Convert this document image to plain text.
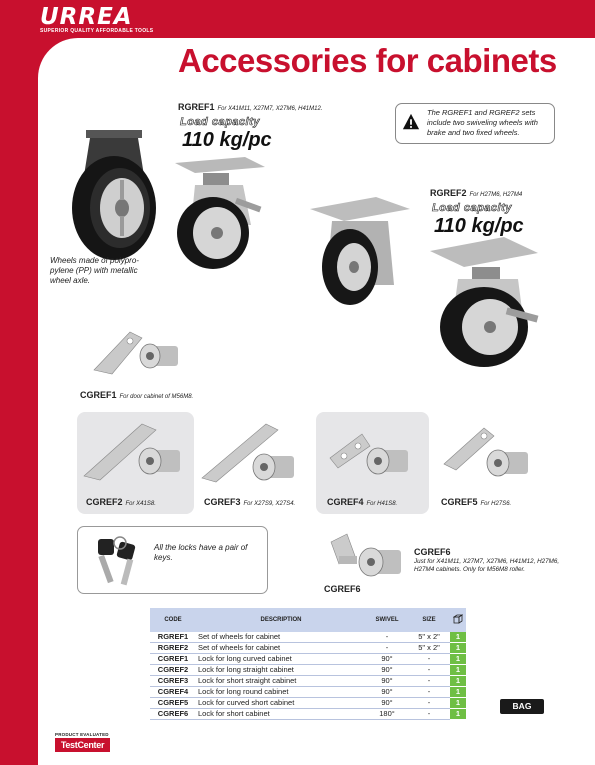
URREA
SUPERIOR QUALITY AFFORDABLE TOOLS
Accessories for cabinets
RGREF1 For X41M11, X27M7, X27M6, H41M12.
Load capacity
110 kg/pc
The RGREF1 and RGREF2 sets include two swiveling wheels with brake and two fixed wheels.
Wheels made of polypro-pylene (PP) with metallic wheel axle.
RGREF2 For H27M6, H27M4
Load capacity
110 kg/pc
CGREF1 For door cabinet of M56M8.
CGREF2 For X41S8.	CGREF3 For X27S9, X27S4.	CGREF4 For H41S8.	CGREF5 For H27S6.
All the locks have a pair of keys.
CGREF6
CGREF6
Just for X41M11, X27M7, X27M6, H41M12, H27M6, H27M4 cabinets. Only for M56M8 roller.
CODE	DESCRIPTION	SWIVEL	SIZE	
RGREF1	Set of wheels for cabinet	-	5" x 2"	1
RGREF2	Set of wheels for cabinet	-	5" x 2"	1
CGREF1	Lock for long curved cabinet	90°	-	1
CGREF2	Lock for long straight cabinet	90°	-	1
CGREF3	Lock for short straight cabinet	90°	-	1
CGREF4	Lock for long round cabinet	90°	-	1
CGREF5	Lock for curved short cabinet	90°	-	1
CGREF6	Lock for short cabinet	180°	-	1
BAG
PRODUCT EVALUATED
TestCenter
